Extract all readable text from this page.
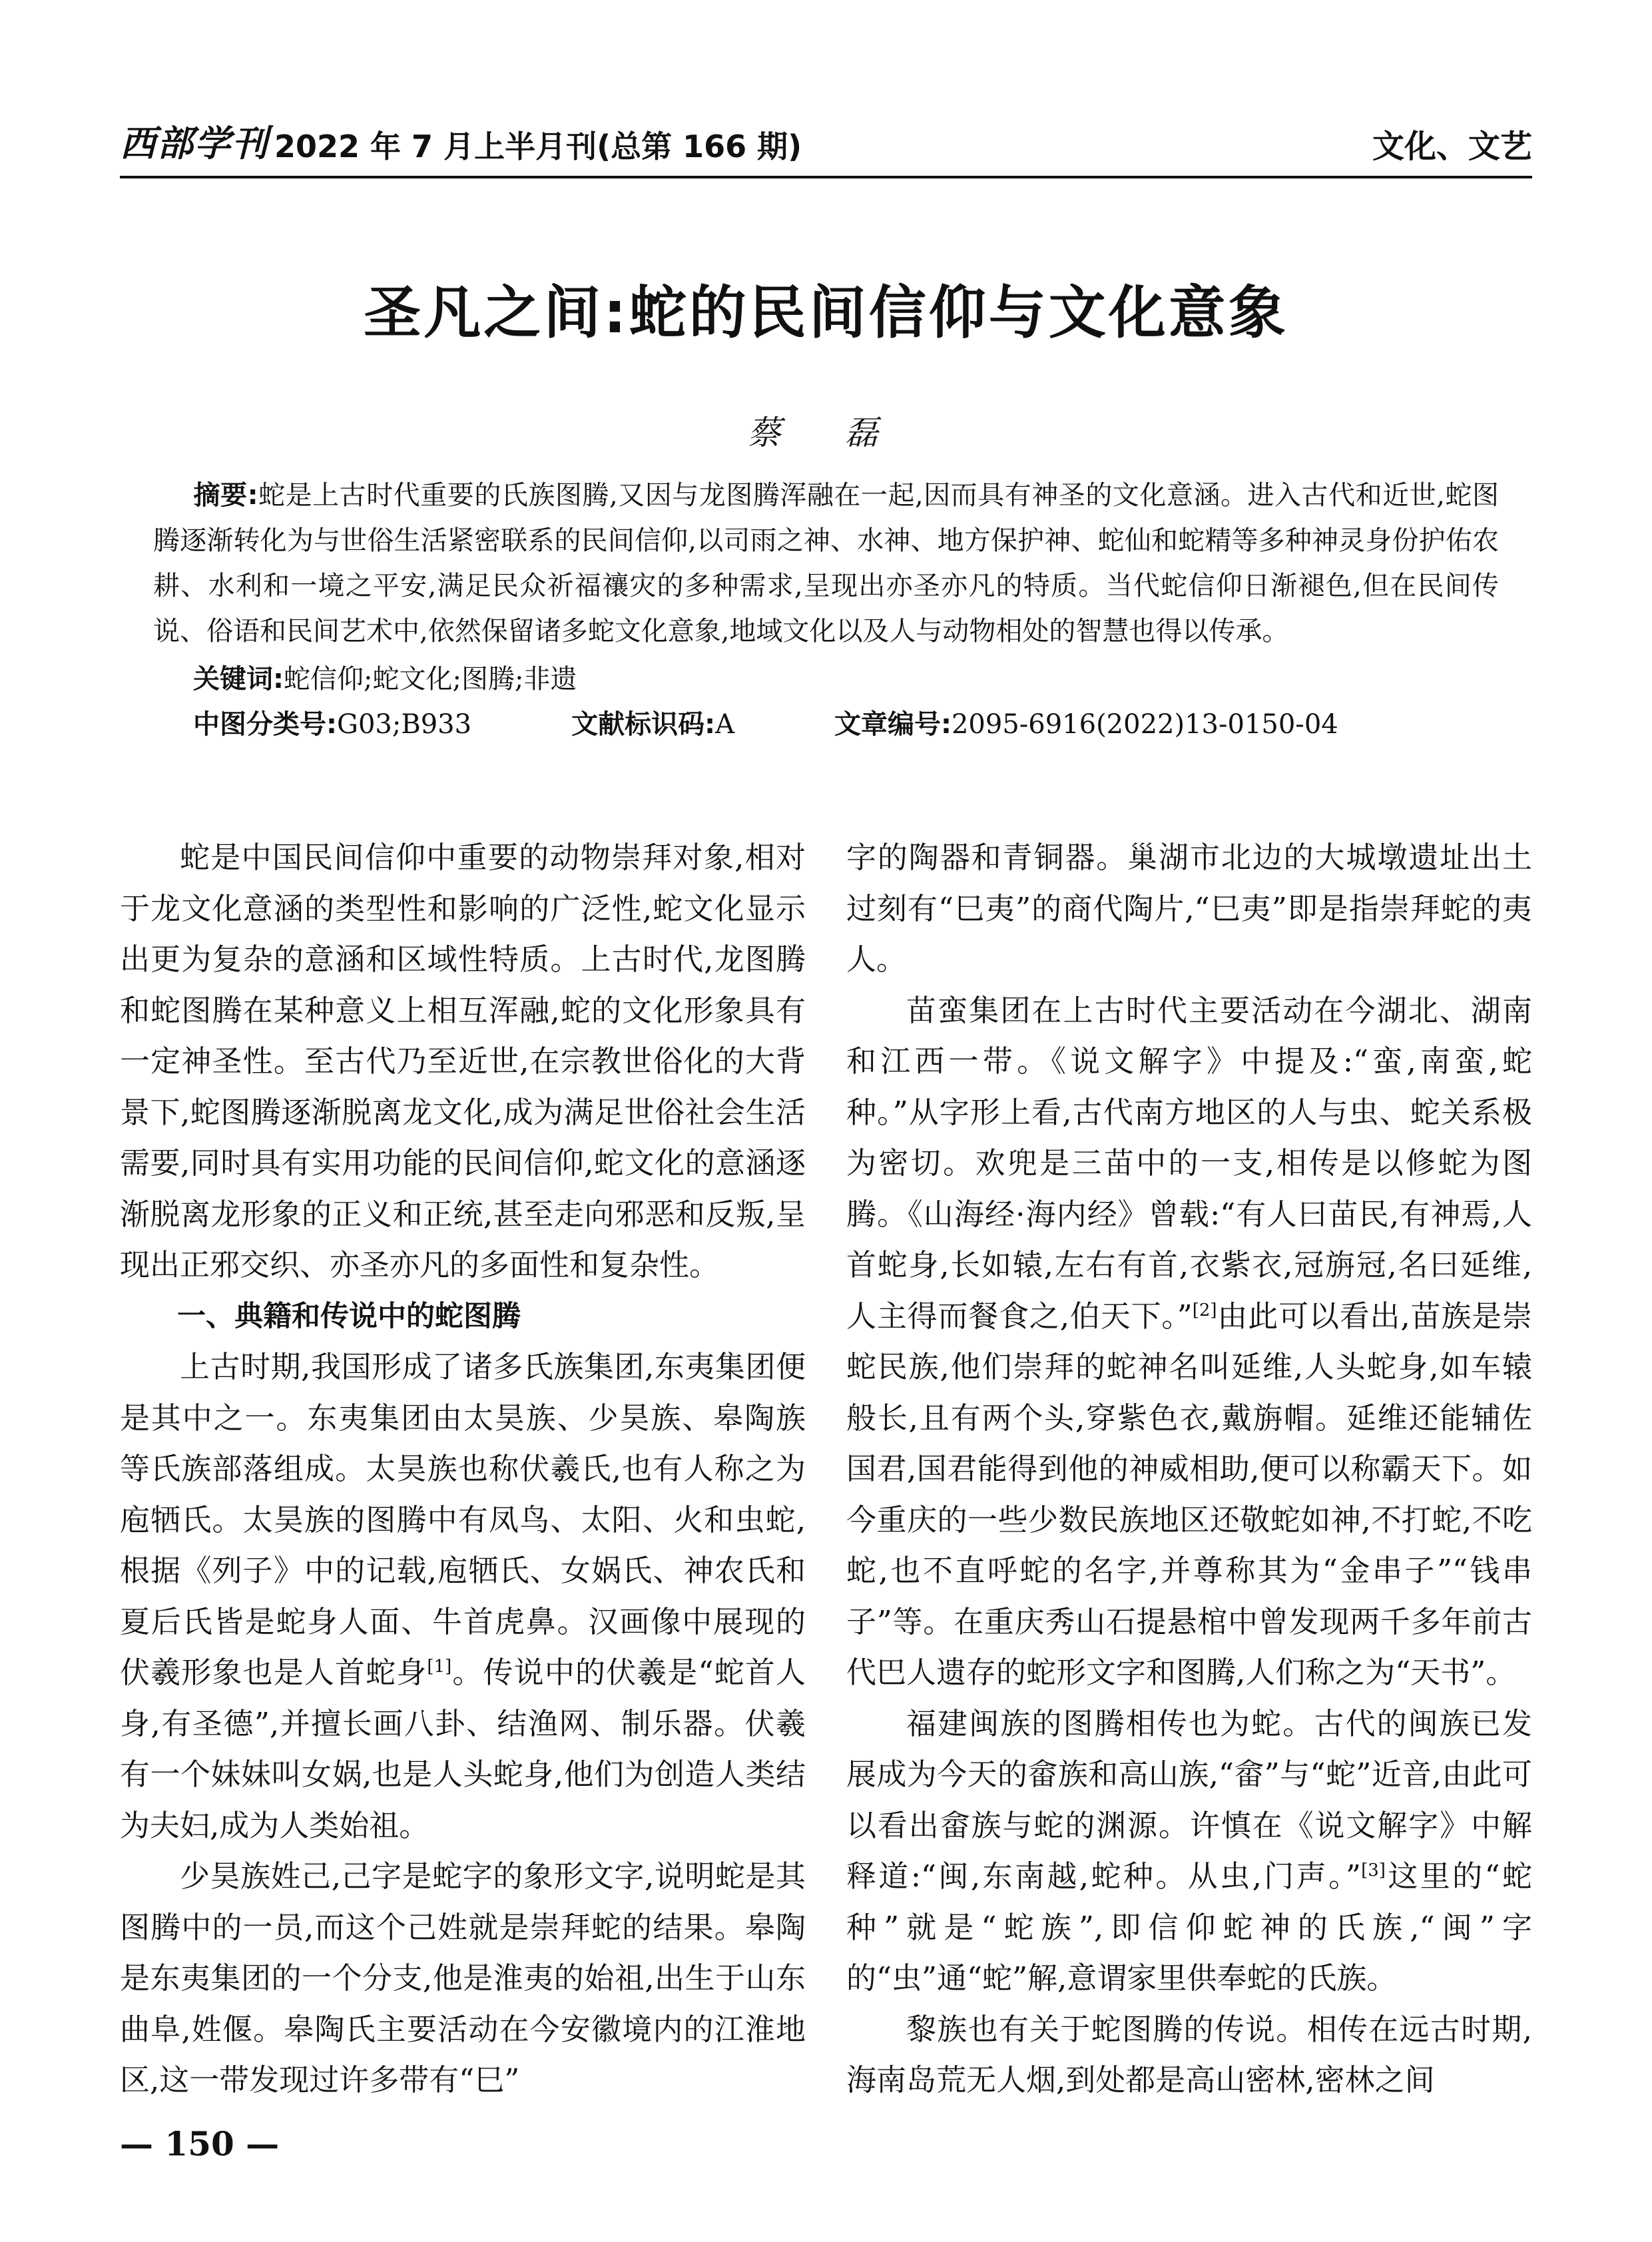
西部学刊 2022 年 7 月上半月刊(总第 166 期)	文化、文艺
圣凡之间:蛇的民间信仰与文化意象
蔡 磊
摘要:蛇是上古时代重要的氏族图腾,又因与龙图腾浑融在一起,因而具有神圣的文化意涵。进入古代和近世,蛇图腾逐渐转化为与世俗生活紧密联系的民间信仰,以司雨之神、水神、地方保护神、蛇仙和蛇精等多种神灵身份护佑农耕、水利和一境之平安,满足民众祈福禳灾的多种需求,呈现出亦圣亦凡的特质。当代蛇信仰日渐褪色,但在民间传说、俗语和民间艺术中,依然保留诸多蛇文化意象,地域文化以及人与动物相处的智慧也得以传承。
关键词:蛇信仰;蛇文化;图腾;非遗
中图分类号:G03;B933	文献标识码:A	文章编号:2095-6916(2022)13-0150-04

蛇是中国民间信仰中重要的动物崇拜对象,相对于龙文化意涵的类型性和影响的广泛性,蛇文化显示出更为复杂的意涵和区域性特质。上古时代,龙图腾和蛇图腾在某种意义上相互浑融,蛇的文化形象具有一定神圣性。至古代乃至近世,在宗教世俗化的大背景下,蛇图腾逐渐脱离龙文化,成为满足世俗社会生活需要,同时具有实用功能的民间信仰,蛇文化的意涵逐渐脱离龙形象的正义和正统,甚至走向邪恶和反叛,呈现出正邪交织、亦圣亦凡的多面性和复杂性。

一、典籍和传说中的蛇图腾

上古时期,我国形成了诸多氏族集团,东夷集团便是其中之一。东夷集团由太昊族、少昊族、皋陶族等氏族部落组成。太昊族也称伏羲氏,也有人称之为庖牺氏。太昊族的图腾中有凤鸟、太阳、火和虫蛇,根据《列子》中的记载,庖牺氏、女娲氏、神农氏和夏后氏皆是蛇身人面、牛首虎鼻。汉画像中展现的伏羲形象也是人首蛇身[1]。传说中的伏羲是“蛇首人身,有圣德”,并擅长画八卦、结渔网、制乐器。伏羲有一个妹妹叫女娲,也是人头蛇身,他们为创造人类结为夫妇,成为人类始祖。

少昊族姓己,己字是蛇字的象形文字,说明蛇是其图腾中的一员,而这个己姓就是崇拜蛇的结果。皋陶是东夷集团的一个分支,他是淮夷的始祖,出生于山东曲阜,姓偃。皋陶氏主要活动在今安徽境内的江淮地区,这一带发现过许多带有“巳”

字的陶器和青铜器。巢湖市北边的大城墩遗址出土过刻有“巳夷”的商代陶片,“巳夷”即是指崇拜蛇的夷人。

苗蛮集团在上古时代主要活动在今湖北、湖南和江西一带。《说文解字》中提及:“蛮,南蛮,蛇种。”从字形上看,古代南方地区的人与虫、蛇关系极为密切。欢兜是三苗中的一支,相传是以修蛇为图腾。《山海经·海内经》曾载:“有人曰苗民,有神焉,人首蛇身,长如辕,左右有首,衣紫衣,冠旃冠,名曰延维,人主得而餐食之,伯天下。”[2]由此可以看出,苗族是崇蛇民族,他们崇拜的蛇神名叫延维,人头蛇身,如车辕般长,且有两个头,穿紫色衣,戴旃帽。延维还能辅佐国君,国君能得到他的神威相助,便可以称霸天下。如今重庆的一些少数民族地区还敬蛇如神,不打蛇,不吃蛇,也不直呼蛇的名字,并尊称其为“金串子”“钱串子”等。在重庆秀山石提悬棺中曾发现两千多年前古代巴人遗存的蛇形文字和图腾,人们称之为“天书”。

福建闽族的图腾相传也为蛇。古代的闽族已发展成为今天的畲族和高山族,“畲”与“蛇”近音,由此可以看出畲族与蛇的渊源。许慎在《说文解字》中解释道:“闽,东南越,蛇种。从虫,门声。”[3]这里的“蛇种”就是“蛇族”,即信仰蛇神的氏族,“闽”字的“虫”通“蛇”解,意谓家里供奉蛇的氏族。

黎族也有关于蛇图腾的传说。相传在远古时期,海南岛荒无人烟,到处都是高山密林,密林之间

— 150 —
